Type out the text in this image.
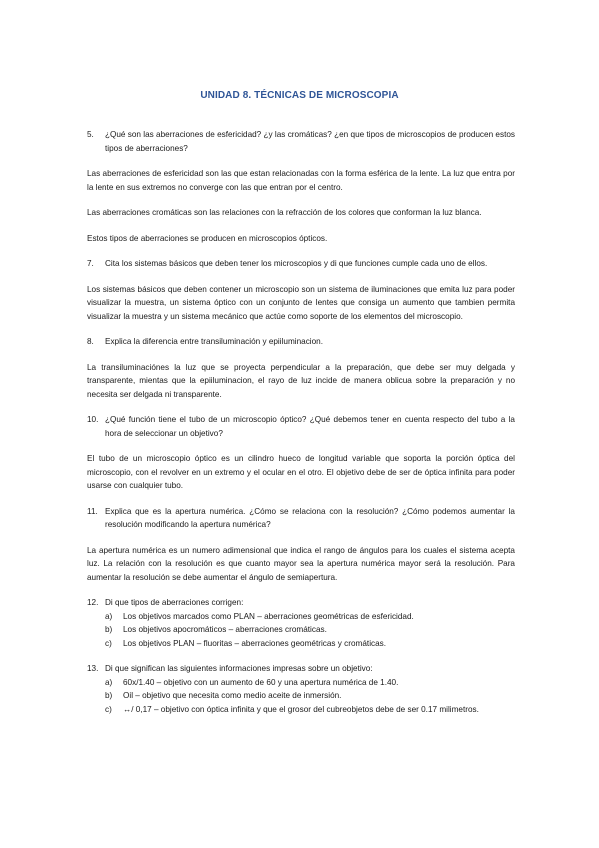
UNIDAD 8. TÉCNICAS DE MICROSCOPIA
5. ¿Qué son las aberraciones de esfericidad? ¿y las cromáticas? ¿en que tipos de microscopios de producen estos tipos de aberraciones?

Las aberraciones de esfericidad son las que estan relacionadas con la forma esférica de la lente. La luz que entra por la lente en sus extremos no converge con las que entran por el centro.

Las aberraciones cromáticas son las relaciones con la refracción de los colores que conforman la luz blanca.

Estos tipos de aberraciones se producen en microscopios ópticos.

7. Cita los sistemas básicos que deben tener los microscopios y di que funciones cumple cada uno de ellos.

Los sistemas básicos que deben contener un microscopio son un sistema de iluminaciones que emita luz para poder visualizar la muestra, un sistema óptico con un conjunto de lentes que consiga un aumento que tambien permita visualizar la muestra y un sistema mecánico que actúe como soporte de los elementos del microscopio.

8. Explica la diferencia entre transiluminación y epiiluminacion.

La transiluminaciónes la luz que se proyecta perpendicular a la preparación, que debe ser muy delgada y transparente, mientas que la epiiluminacion, el rayo de luz incide de manera oblicua sobre la preparación y no necesita ser delgada ni transparente.

10. ¿Qué función tiene el tubo de un microscopio óptico? ¿Qué debemos tener en cuenta respecto del tubo a la hora de seleccionar un objetivo?

El tubo de un microscopio óptico es un cilindro hueco de longitud variable que soporta la porción óptica del microscopio, con el revolver en un extremo y el ocular en el otro. El objetivo debe de ser de óptica infinita para poder usarse con cualquier tubo.

11. Explica que es la apertura numérica. ¿Cómo se relaciona con la resolución? ¿Cómo podemos aumentar la resolución modificando la apertura numérica?

La apertura numérica es un numero adimensional que indica el rango de ángulos para los cuales el sistema acepta luz. La relación con la resolución es que cuanto mayor sea la apertura numérica mayor será la resolución. Para aumentar la resolución se debe aumentar el ángulo de semiapertura.

12. Di que tipos de aberraciones corrigen:
a) Los objetivos marcados como PLAN – aberraciones geométricas de esfericidad.
b) Los objetivos apocromáticos – aberraciones cromáticas.
c) Los objetivos PLAN – fluoritas – aberraciones geométricas y cromáticas.
13. Di que significan las siguientes informaciones impresas sobre un objetivo:
a) 60x/1.40 – objetivo con un aumento de 60 y una apertura numérica de 1.40.
b) Oil – objetivo que necesita como medio aceite de inmersión.
c) ↔/ 0,17 – objetivo con óptica infinita y que el grosor del cubreobjetos debe de ser 0.17 milimetros.
